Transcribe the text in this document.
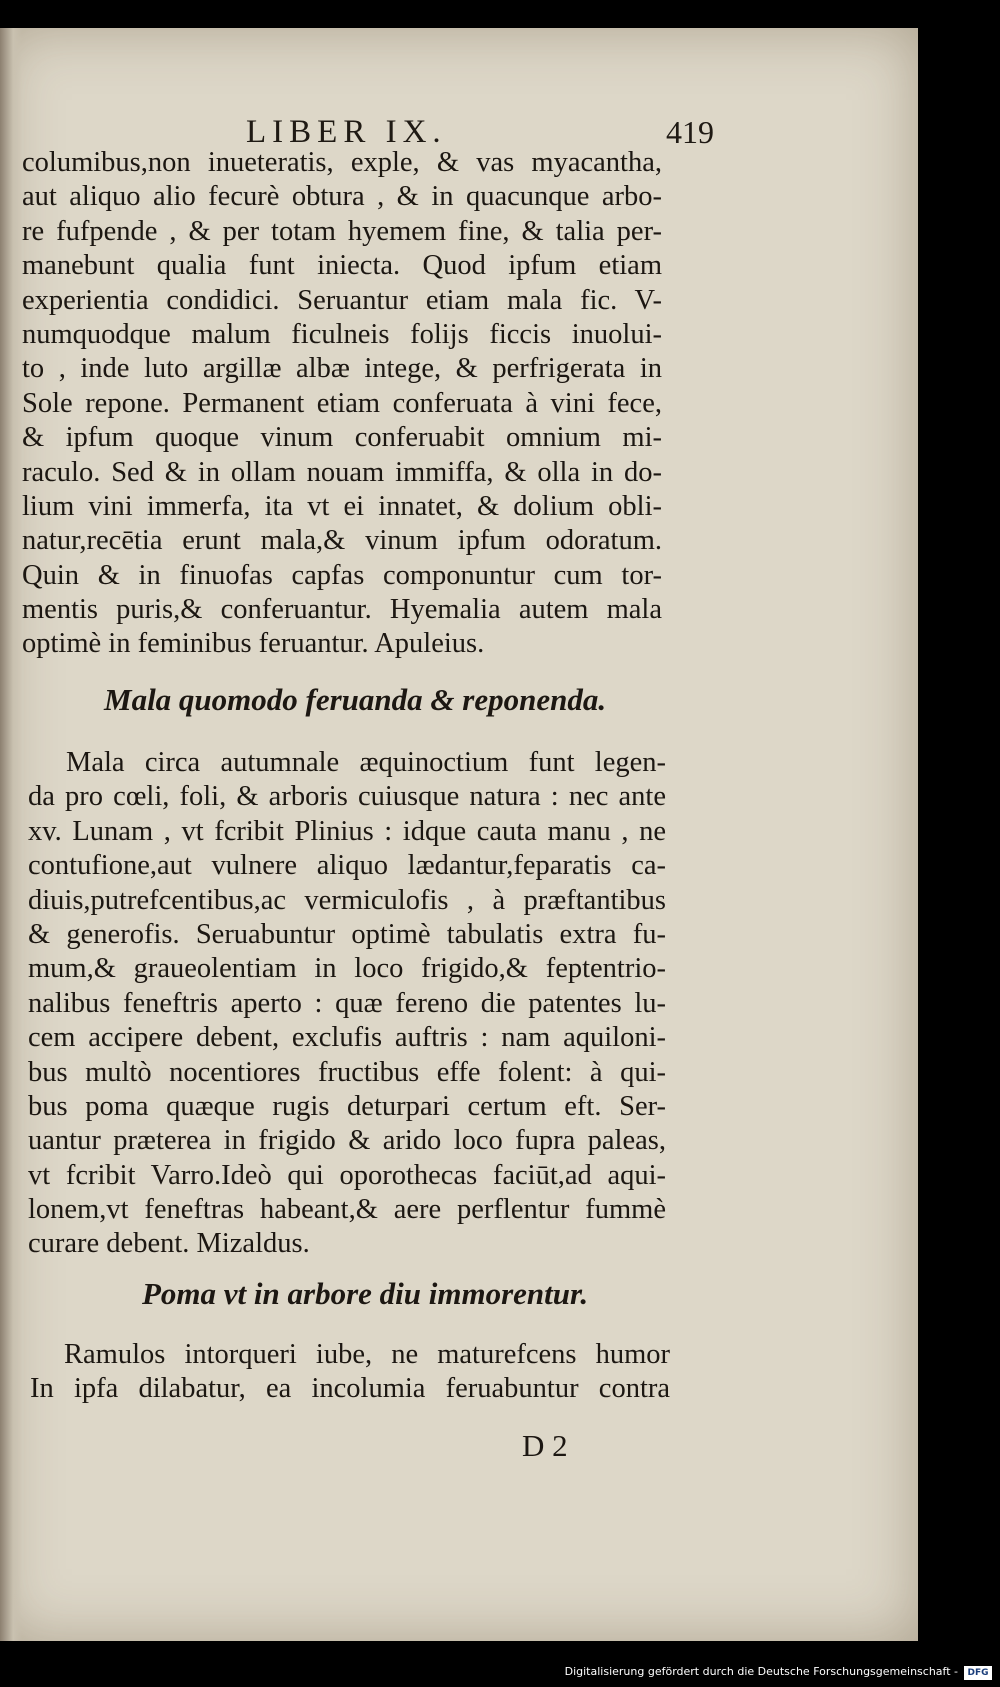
LIBER IX.	419

columibus,non inueteratis, exple, & vas myacantha,
aut aliquo alio fecurè obtura , & in quacunque arbo-
re fufpende , & per totam hyemem fine, & talia per-
manebunt qualia funt iniecta. Quod ipfum etiam
experientia condidici. Seruantur etiam mala fic. V-
numquodque malum ficulneis folijs ficcis inuolui-
to , inde luto argillæ albæ intege, & perfrigerata in
Sole repone. Permanent etiam conferuata à vini fece,
& ipfum quoque vinum conferuabit omnium mi-
raculo. Sed & in ollam nouam immiffa, & olla in do-
lium vini immerfa, ita vt ei innatet, & dolium obli-
natur,recētia erunt mala,& vinum ipfum odoratum.
Quin & in finuofas capfas componuntur cum tor-
mentis puris,& conferuantur. Hyemalia autem mala
optimè in feminibus feruantur. Apuleius.

Mala quomodo feruanda & reponenda.

Mala circa autumnale æquinoctium funt legen-
da pro cœli, foli, & arboris cuiusque natura : nec ante
xv. Lunam , vt fcribit Plinius : idque cauta manu , ne
contufione,aut vulnere aliquo lædantur,feparatis ca-
diuis,putrefcentibus,ac vermiculofis , à præftantibus
& generofis. Seruabuntur optimè tabulatis extra fu-
mum,& graueolentiam in loco frigido,& feptentrio-
nalibus feneftris aperto : quæ fereno die patentes lu-
cem accipere debent, exclufis auftris : nam aquiloni-
bus multò nocentiores fructibus effe folent: à qui-
bus poma quæque rugis deturpari certum eft. Ser-
uantur præterea in frigido & arido loco fupra paleas,
vt fcribit Varro.Ideò qui oporothecas faciūt,ad aqui-
lonem,vt feneftras habeant,& aere perflentur fummè
curare debent. Mizaldus.

Poma vt in arbore diu immorentur.

Ramulos intorqueri iube, ne maturefcens humor
In ipfa dilabatur, ea incolumia feruabuntur contra

D 2
Digitalisierung gefördert durch die Deutsche Forschungsgemeinschaft -	DFG
